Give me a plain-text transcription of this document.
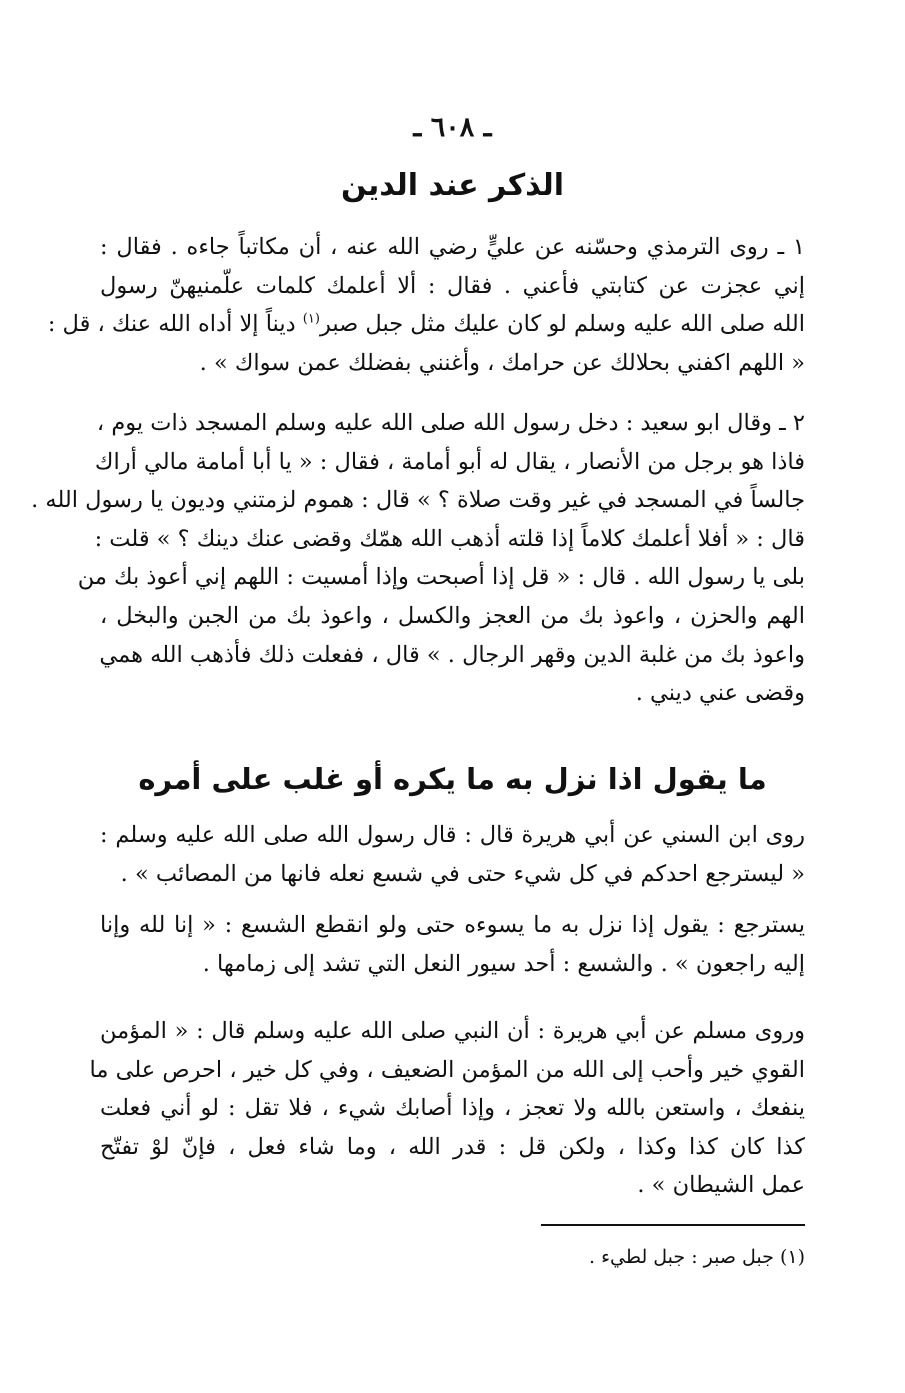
ـ ٦٠٨ ـ
الذكر عند الدين
١ ـ روى الترمذي وحسّنه عن عليٍّ رضي الله عنه ، أن مكاتباً جاءه . فقال :
إني عجزت عن كتابتي فأعني . فقال : ألا أعلمك كلمات علّمنيهنّ رسول
الله صلى الله عليه وسلم لو كان عليك مثل جبل صبر$^{(١)}$ ديناً إلا أداه الله عنك ، قل :
« اللهم اكفني بحلالك عن حرامك ، وأغنني بفضلك عمن سواك » .
٢ ـ وقال ابو سعيد : دخل رسول الله صلى الله عليه وسلم المسجد ذات يوم ،
فاذا هو برجل من الأنصار ، يقال له أبو أمامة ، فقال : « يا أبا أمامة مالي أراك
جالساً في المسجد في غير وقت صلاة ؟ » قال : هموم لزمتني وديون يا رسول الله .
قال : « أفلا أعلمك كلاماً إذا قلته أذهب الله همّك وقضى عنك دينك ؟ » قلت :
بلى يا رسول الله . قال : « قل إذا أصبحت وإذا أمسيت : اللهم إني أعوذ بك من
الهم والحزن ، واعوذ بك من العجز والكسل ، واعوذ بك من الجبن والبخل ،
واعوذ بك من غلبة الدين وقهر الرجال . » قال ، ففعلت ذلك فأذهب الله همي
وقضى عني ديني .
ما يقول اذا نزل به ما يكره أو غلب على أمره
روى ابن السني عن أبي هريرة قال : قال رسول الله صلى الله عليه وسلم :
« ليسترجع احدكم في كل شيء حتى في شسع نعله فانها من المصائب » .
يسترجع : يقول إذا نزل به ما يسوءه حتى ولو انقطع الشسع : « إنا لله وإنا
إليه راجعون » . والشسع : أحد سيور النعل التي تشد إلى زمامها .
وروى مسلم عن أبي هريرة : أن النبي صلى الله عليه وسلم قال : « المؤمن
القوي خير وأحب إلى الله من المؤمن الضعيف ، وفي كل خير ، احرص على ما
ينفعك ، واستعن بالله ولا تعجز ، وإذا أصابك شيء ، فلا تقل : لو أني فعلت
كذا كان كذا وكذا ، ولكن قل : قدر الله ، وما شاء فعل ، فإنّ لوْ تفتّح
عمل الشيطان » .
(١) جبل صبر : جبل لطيء .
